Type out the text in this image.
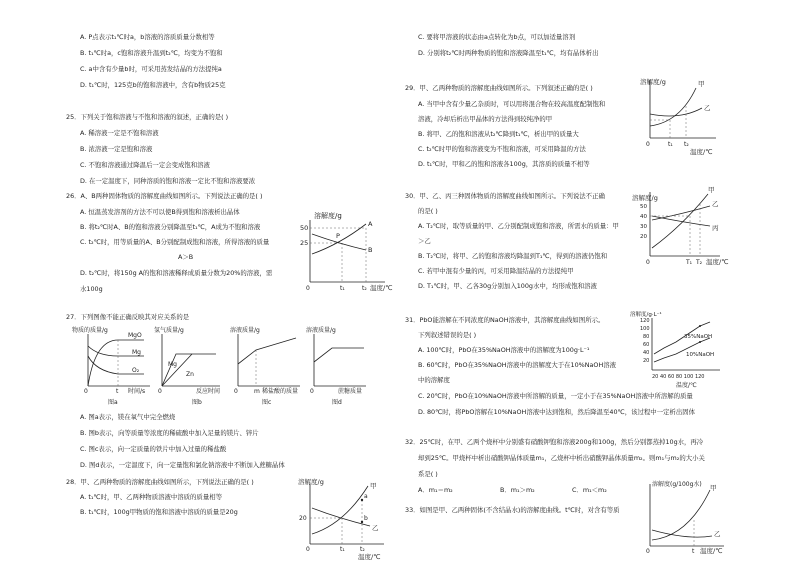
A. P点表示t₁℃时a，b溶液的溶质质量分数相等
B. t₁℃时a，c饱和溶液升温到t₂℃，均变为不饱和
C. a中含有少量b时，可采用蒸发结晶的方法提纯a
D. t₁℃时，125克b的饱和溶液中，含有b物质25克
25．下列关于饱和溶液与不饱和溶液的叙述，正确的是( )
A. 稀溶液一定是不饱和溶液
B. 浓溶液一定是饱和溶液
C. 不饱和溶液通过降温后一定会变成饱和溶液
D. 在一定温度下，同种溶质的饱和溶液一定比不饱和溶液要浓
26．A、B两种固体物质的溶解度曲线如图所示。下列说法正确的是( )
A. 恒温蒸发溶剂的方法不可以使B得到饱和溶液析出晶体
B. 将t₂℃时A、B的饱和溶液分别降温至t₁℃，A成为不饱和溶液
C. t₂℃时，用等质量的A、B分别配制成饱和溶液，所得溶液的质量
A＞B
D. t₂℃时，将150g A的饱和溶液稀释成质量分数为20%的溶液，需
水100g
27．下列图像不能正确反映其对应关系的是
A. 图a表示，镁在氧气中完全燃烧
B. 图b表示，向等质量等浓度的稀硫酸中加入足量的镁片、锌片
C. 图c表示，向一定质量的铁片中加入过量的稀盐酸
D. 图d表示，一定温度下，向一定量饱和氯化钠溶液中不断加入蔗糖晶体
28．甲、乙两种物质的溶解度曲线如图所示，下列说法正确的是( )
A. t₁℃时，甲、乙两种物质溶液中溶质的质量相等
B. t₁℃时，100g甲物质的饱和溶液中溶质的质量是20g
C. 要将甲溶液的状态由a点转化为b点，可以加适量溶剂
D. 分别将t₂℃时两种物质的饱和溶液降温至t₁℃，均有晶体析出
29．甲、乙两种物质的溶解度曲线如图所示。下列叙述正确的是( )
A. 当甲中含有少量乙杂质时，可以用将混合物在较高温度配制饱和
溶液，冷却后析出甲晶体的方法得到较纯净的甲
B. 将甲、乙的饱和溶液从t₂℃降到t₁℃，析出甲的质量大
C. t₂℃时甲的饱和溶液变为不饱和溶液，可采用降温的方法
D. t₁℃时，甲和乙的饱和溶液各100g，其溶质的质量不相等
30．甲、乙、丙三种固体物质的溶解度曲线如图所示。下列说法不正确
的是( )
A. T₂℃时，取等质量的甲、乙分别配制成饱和溶液，所需水的质量：甲
＞乙
B. T₂℃时，将甲、乙的饱和溶液均降温到T₁℃，得到的溶液仍饱和
C. 若甲中混有少量的丙，可采用降温结晶的方法提纯甲
D. T₁℃时，甲、乙各30g分别加入100g水中，均形成饱和溶液
31．PbO能溶解在不同浓度的NaOH溶液中，其溶解度曲线如图所示。
下列叙述错误的是( )
A. 100℃时，PbO在35%NaOH溶液中的溶解度为100g·L⁻¹
B. 60℃时，PbO在35%NaOH溶液中的溶解度大于在10%NaOH溶液
中的溶解度
C. 20℃时，PbO在10%NaOH溶液中所溶解的质量，一定小于在35%NaOH溶液中所溶解的质量
D. 80℃时，将PbO溶解在10%NaOH溶液中达到饱和，然后降温至40℃，该过程中一定析出固体
32．25℃时，在甲、乙两个烧杯中分别盛有硝酸钾饱和溶液200g和100g，然后分别都蒸掉10g水，再冷
却到25℃。甲烧杯中析出硝酸钾晶体质量m₁，乙烧杯中析出硝酸钾晶体质量m₂。则m₁与m₂的大小关
系是( )
A．m₁＝m₂	B．m₁＞m₂	C．m₁＜m₂
33．如图是甲、乙两种固体(不含结晶水)的溶解度曲线。t℃时，对含有等质
溶解度/g
50
25
P
A
B
0	t₁	t₂ 温度/℃
物质的质量/g
MgO
Mg
O₂
0	t 时间/s
图a
氢气质量/g
Mg
Zn
0	反应时间
图b
溶液质量/g
0	m 稀盐酸的质量
图c
溶液质量/g
0	蔗糖质量
图d
溶解度/g
20
a
b
甲
乙
0	t₁	t₂
温度/℃
溶解度/g	甲
乙
0	t₁ t₂
温度/℃
溶解度/g
50
40
30
20
甲
乙
丙
0	T₁ T₂ 温度/℃
溶解度/g·L⁻¹
120
100
80
60
40
20
35%NaOH
10%NaOH
20 40 60 80 100 120
温度/℃
溶解度(g/100g水) 甲
乙
0	t 温度/℃
